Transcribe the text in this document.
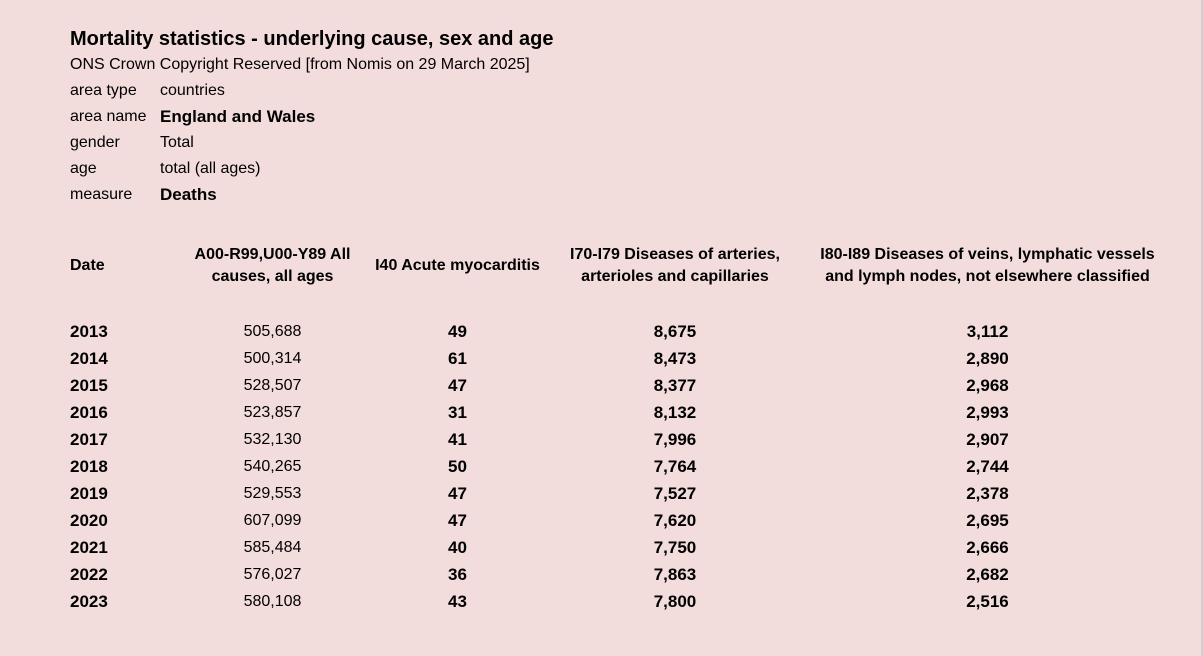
Mortality statistics - underlying cause, sex and age
ONS Crown Copyright Reserved [from Nomis on 29 March 2025]
area type	countries
area name England and Wales
gender	Total
age	total (all ages)
measure	Deaths
Date	A00-R99,U00-Y89 All causes, all ages	I40 Acute myocarditis	I70-I79 Diseases of arteries, arterioles and capillaries	I80-I89 Diseases of veins, lymphatic vessels and lymph nodes, not elsewhere classified

2013	505,688	49	8,675	3,112
2014	500,314	61	8,473	2,890
2015	528,507	47	8,377	2,968
2016	523,857	31	8,132	2,993
2017	532,130	41	7,996	2,907
2018	540,265	50	7,764	2,744
2019	529,553	47	7,527	2,378
2020	607,099	47	7,620	2,695
2021	585,484	40	7,750	2,666
2022	576,027	36	7,863	2,682
2023	580,108	43	7,800	2,516
